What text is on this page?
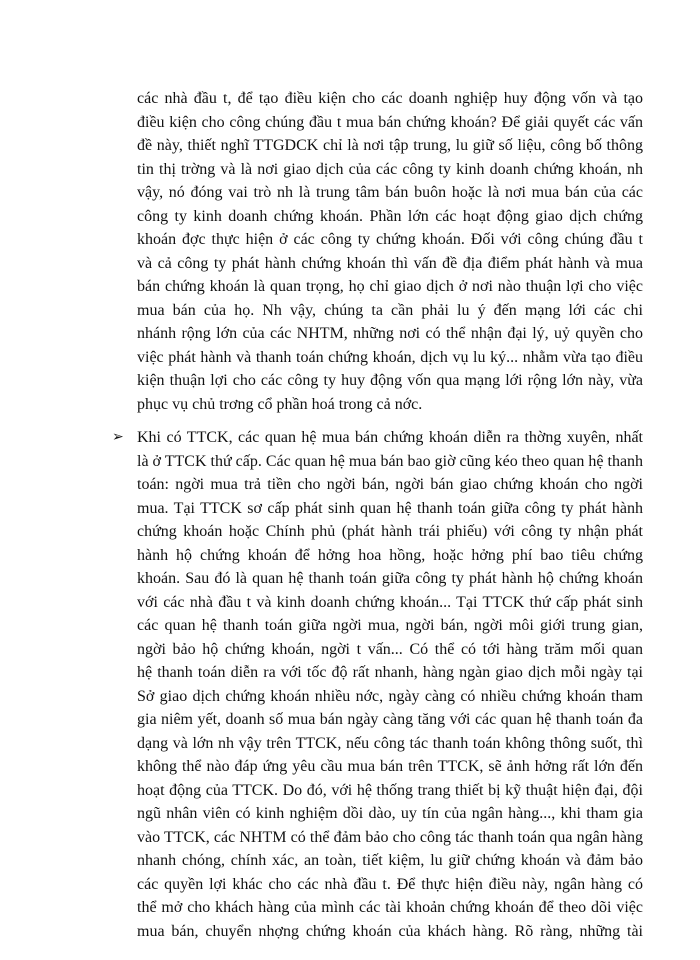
các nhà đầu t, để tạo điều kiện cho các doanh nghiệp huy động vốn và tạo
điều kiện cho công chúng đầu t mua bán chứng khoán? Để giải quyết các vấn
đề này, thiết nghĩ TTGDCK chỉ là nơi tập trung, lu giữ số liệu, công bố thông
tin thị trờng và là nơi giao dịch của các công ty kinh doanh chứng khoán, nh
vậy, nó đóng vai trò nh là trung tâm bán buôn hoặc là nơi mua bán của các
công ty kinh doanh chứng khoán. Phần lớn các hoạt động giao dịch chứng
khoán đợc thực hiện ở các công ty chứng khoán. Đối với công chúng đầu t
và cả công ty phát hành chứng khoán thì vấn đề địa điểm phát hành và mua
bán chứng khoán là quan trọng, họ chỉ giao dịch ở nơi nào thuận lợi cho việc
mua bán của họ. Nh vậy, chúng ta cần phải lu ý đến mạng lới các chi
nhánh rộng lớn của các NHTM, những nơi có thể nhận đại lý, uỷ quyền cho
việc phát hành và thanh toán chứng khoán, dịch vụ lu ký... nhằm vừa tạo điều
kiện thuận lợi cho các công ty huy động vốn qua mạng lới rộng lớn này, vừa
phục vụ chủ trơng cổ phần hoá trong cả nớc.
➢ Khi có TTCK, các quan hệ mua bán chứng khoán diễn ra thờng xuyên, nhất
là ở TTCK thứ cấp. Các quan hệ mua bán bao giờ cũng kéo theo quan hệ thanh
toán: ngời mua trả tiền cho ngời bán, ngời bán giao chứng khoán cho ngời
mua. Tại TTCK sơ cấp phát sinh quan hệ thanh toán giữa công ty phát hành
chứng khoán hoặc Chính phủ (phát hành trái phiếu) với công ty nhận phát
hành hộ chứng khoán để hởng hoa hồng, hoặc hởng phí bao tiêu chứng
khoán. Sau đó là quan hệ thanh toán giữa công ty phát hành hộ chứng khoán
với các nhà đầu t và kinh doanh chứng khoán... Tại TTCK thứ cấp phát sinh
các quan hệ thanh toán giữa ngời mua, ngời bán, ngời môi giới trung gian,
ngời bảo hộ chứng khoán, ngời t vấn... Có thể có tới hàng trăm mối quan
hệ thanh toán diễn ra với tốc độ rất nhanh, hàng ngàn giao dịch mỗi ngày tại
Sở giao dịch chứng khoán nhiều nớc, ngày càng có nhiều chứng khoán tham
gia niêm yết, doanh số mua bán ngày càng tăng với các quan hệ thanh toán đa
dạng và lớn nh vậy trên TTCK, nếu công tác thanh toán không thông suốt, thì
không thể nào đáp ứng yêu cầu mua bán trên TTCK, sẽ ảnh hởng rất lớn đến
hoạt động của TTCK. Do đó, với hệ thống trang thiết bị kỹ thuật hiện đại, đội
ngũ nhân viên có kinh nghiệm dồi dào, uy tín của ngân hàng..., khi tham gia
vào TTCK, các NHTM có thể đảm bảo cho công tác thanh toán qua ngân hàng
nhanh chóng, chính xác, an toàn, tiết kiệm, lu giữ chứng khoán và đảm bảo
các quyền lợi khác cho các nhà đầu t. Để thực hiện điều này, ngân hàng có
thể mở cho khách hàng của mình các tài khoản chứng khoán để theo dõi việc
mua bán, chuyển nhợng chứng khoán của khách hàng. Rõ ràng, những tài
